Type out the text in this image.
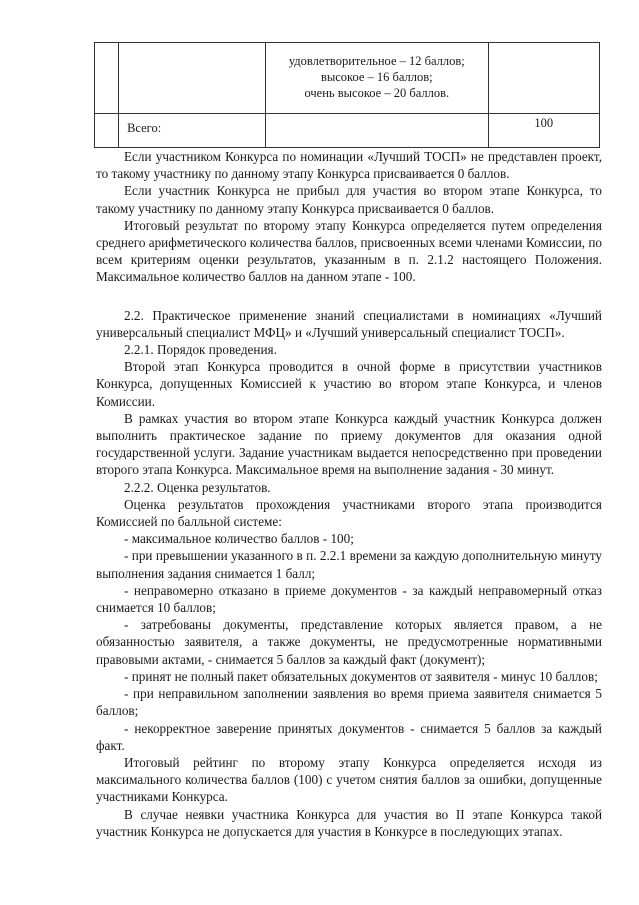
		удовлетворительное – 12 баллов;
высокое – 16 баллов;
очень высокое – 20 баллов.	

	Всего:		100

Если участником Конкурса по номинации «Лучший ТОСП» не представлен проект, то такому участнику по данному этапу Конкурса присваивается 0 баллов.

Если участник Конкурса не прибыл для участия во втором этапе Конкурса, то такому участнику по данному этапу Конкурса присваивается 0 баллов.

Итоговый результат по второму этапу Конкурса определяется путем определения среднего арифметического количества баллов, присвоенных всеми членами Комиссии, по всем критериям оценки результатов, указанным в п. 2.1.2 настоящего Положения. Максимальное количество баллов на данном этапе - 100.

2.2. Практическое применение знаний специалистами в номинациях «Лучший универсальный специалист МФЦ» и «Лучший универсальный специалист ТОСП».

2.2.1. Порядок проведения.

Второй этап Конкурса проводится в очной форме в присутствии участников Конкурса, допущенных Комиссией к участию во втором этапе Конкурса, и членов Комиссии.

В рамках участия во втором этапе Конкурса каждый участник Конкурса должен выполнить практическое задание по приему документов для оказания одной государственной услуги. Задание участникам выдается непосредственно при проведении второго этапа Конкурса. Максимальное время на выполнение задания - 30 минут.

2.2.2. Оценка результатов.

Оценка результатов прохождения участниками второго этапа производится Комиссией по балльной системе:

- максимальное количество баллов - 100;

- при превышении указанного в п. 2.2.1 времени за каждую дополнительную минуту выполнения задания снимается 1 балл;

- неправомерно отказано в приеме документов - за каждый неправомерный отказ снимается 10 баллов;

- затребованы документы, представление которых является правом, а не обязанностью заявителя, а также документы, не предусмотренные нормативными правовыми актами, - снимается 5 баллов за каждый факт (документ);

- принят не полный пакет обязательных документов от заявителя - минус 10 баллов;

- при неправильном заполнении заявления во время приема заявителя снимается 5 баллов;

- некорректное заверение принятых документов - снимается 5 баллов за каждый факт.

Итоговый рейтинг по второму этапу Конкурса определяется исходя из максимального количества баллов (100) с учетом снятия баллов за ошибки, допущенные участниками Конкурса.

В случае неявки участника Конкурса для участия во II этапе Конкурса такой участник Конкурса не допускается для участия в Конкурсе в последующих этапах.
